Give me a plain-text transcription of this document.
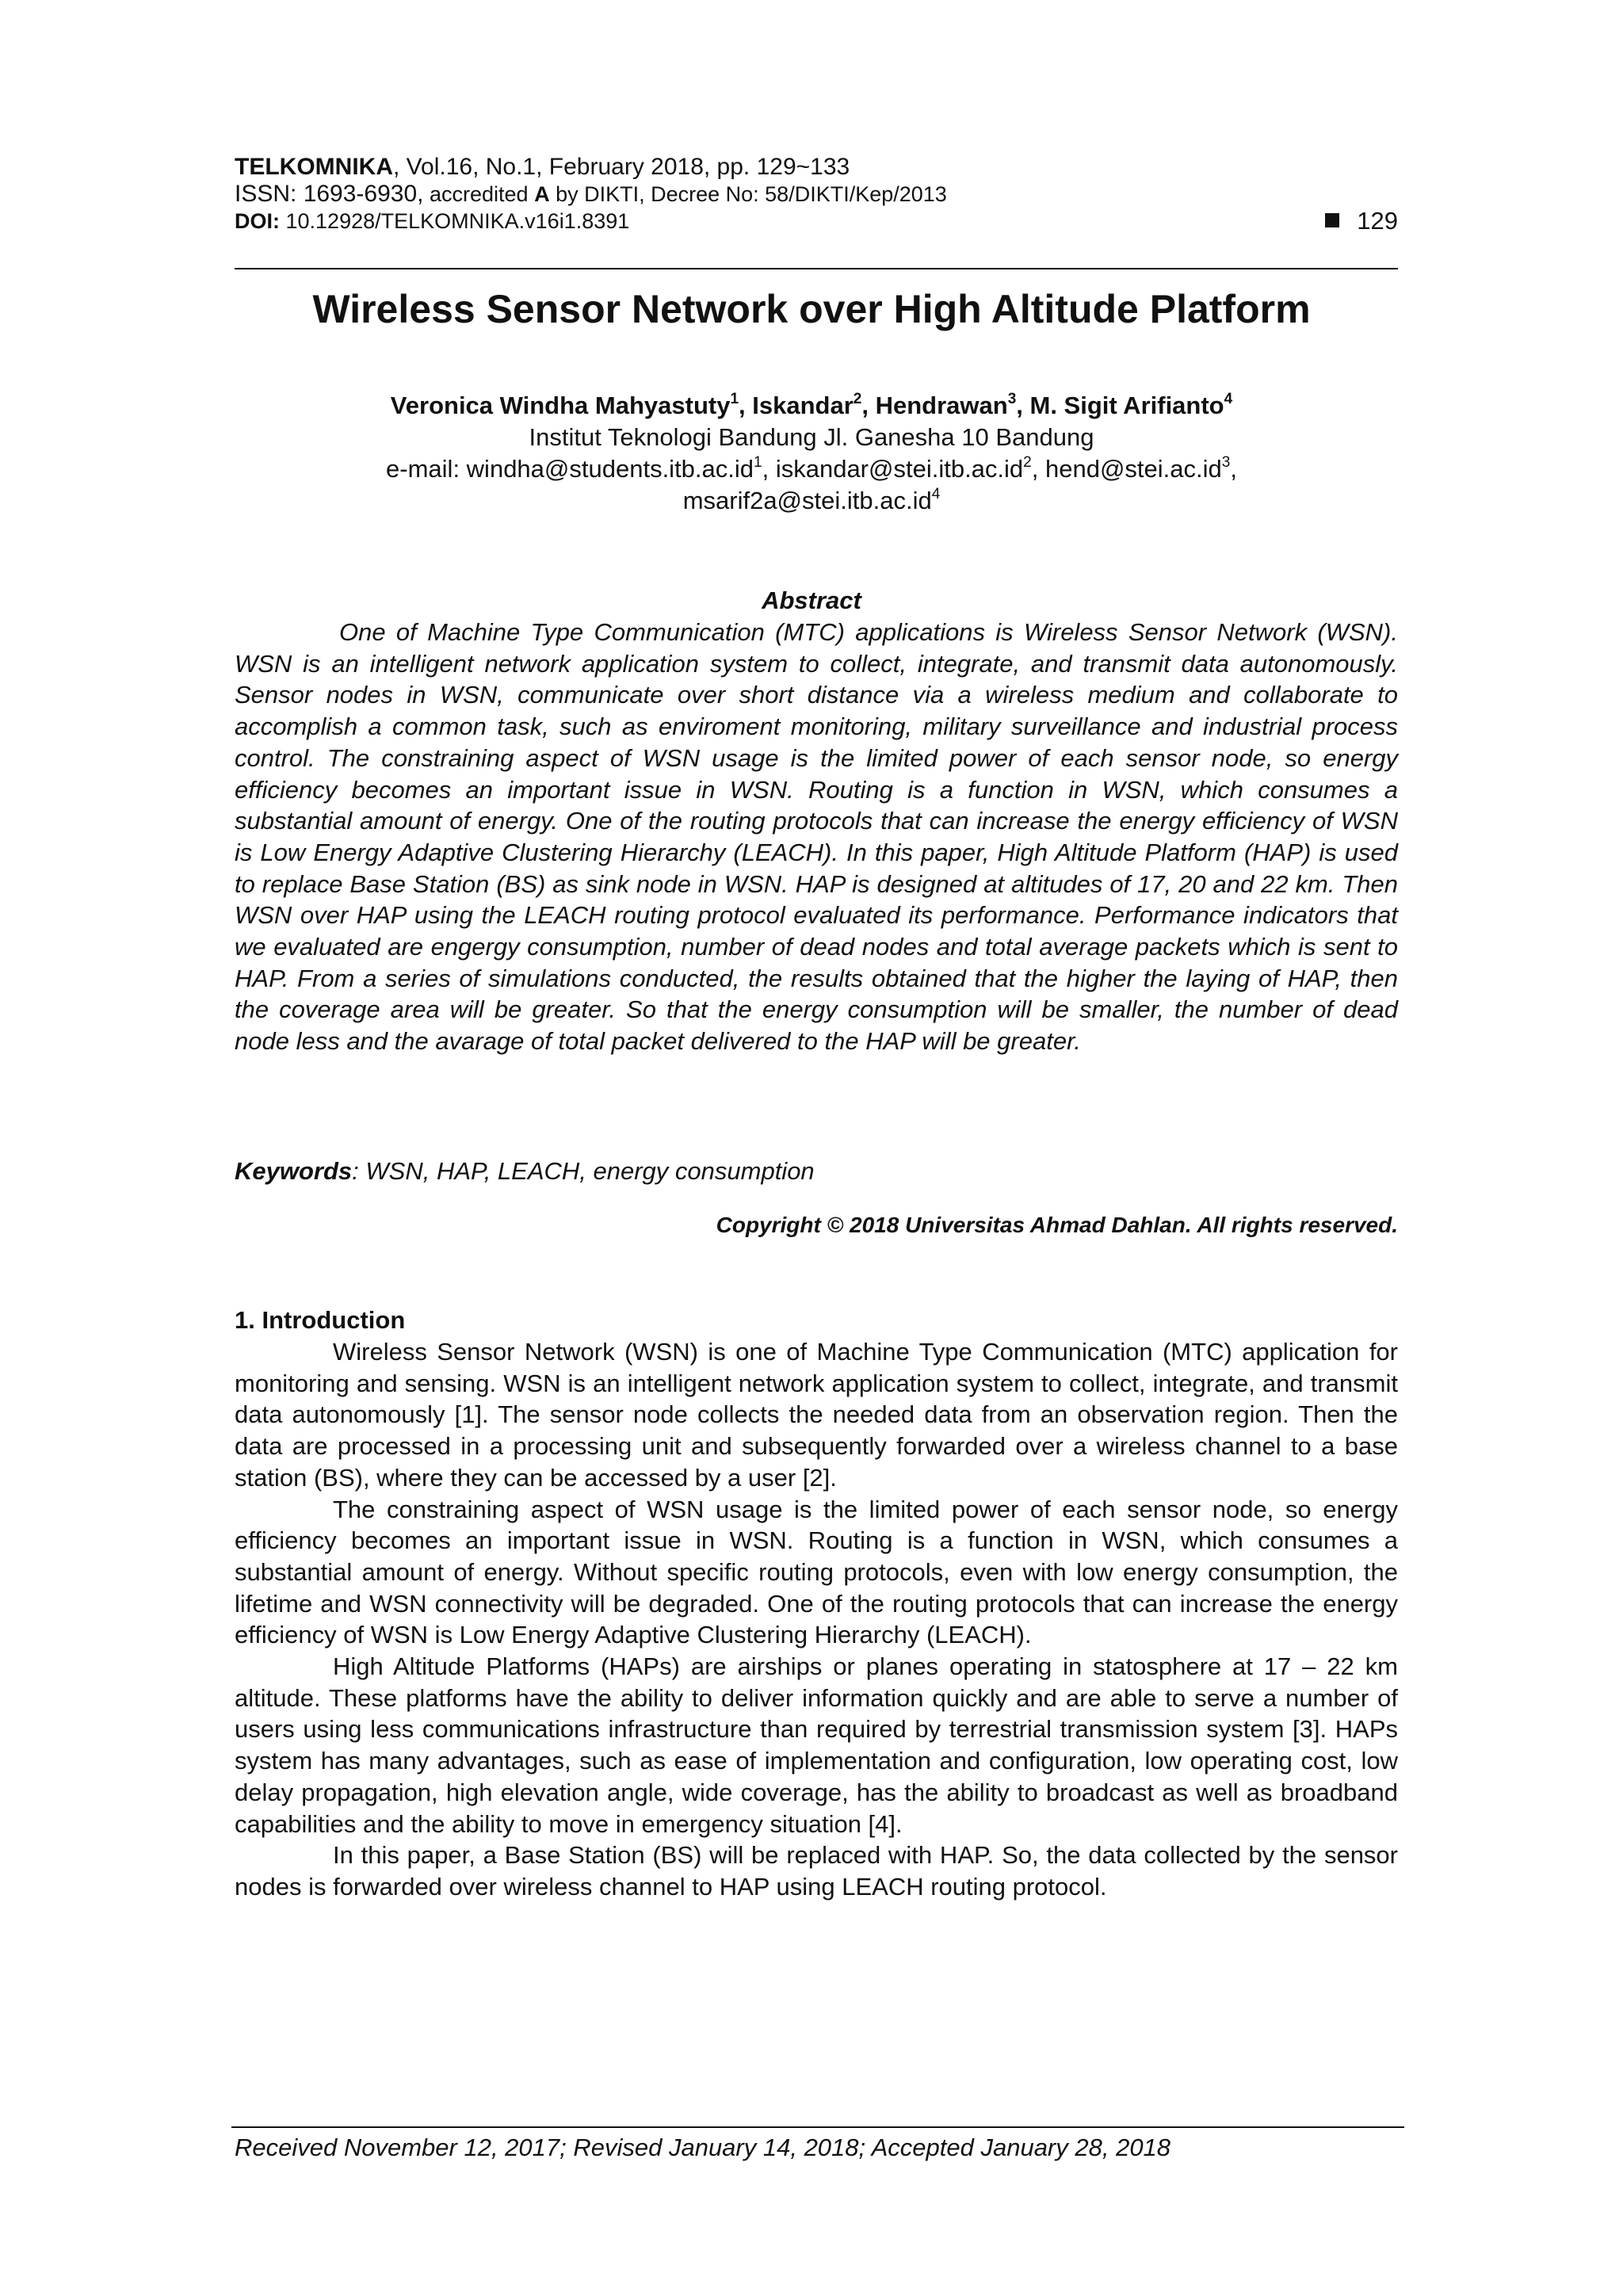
TELKOMNIKA, Vol.16, No.1, February 2018, pp. 129~133
ISSN: 1693-6930, accredited A by DIKTI, Decree No: 58/DIKTI/Kep/2013
DOI: 10.12928/TELKOMNIKA.v16i1.8391	129
Wireless Sensor Network over High Altitude Platform
Veronica Windha Mahyastuty$^1$, Iskandar$^2$, Hendrawan$^3$, M. Sigit Arifianto$^4$
Institut Teknologi Bandung Jl. Ganesha 10 Bandung
e-mail: $windha@students.itb.ac.id^1$, $iskandar@stei.itb.ac.id^2$, $hend@stei.ac.id^3$,
$msarif2a@stei.itb.ac.id^4$
Abstract
One of Machine Type Communication (MTC) applications is Wireless Sensor Network (WSN). WSN is an intelligent network application system to collect, integrate, and transmit data autonomously. Sensor nodes in WSN, communicate over short distance via a wireless medium and collaborate to accomplish a common task, such as enviroment monitoring, military surveillance and industrial process control. The constraining aspect of WSN usage is the limited power of each sensor node, so energy efficiency becomes an important issue in WSN. Routing is a function in WSN, which consumes a substantial amount of energy. One of the routing protocols that can increase the energy efficiency of WSN is Low Energy Adaptive Clustering Hierarchy (LEACH). In this paper, High Altitude Platform (HAP) is used to replace Base Station (BS) as sink node in WSN. HAP is designed at altitudes of 17, 20 and 22 km. Then WSN over HAP using the LEACH routing protocol evaluated its performance. Performance indicators that we evaluated are engergy consumption, number of dead nodes and total average packets which is sent to HAP. From a series of simulations conducted, the results obtained that the higher the laying of HAP, then the coverage area will be greater. So that the energy consumption will be smaller, the number of dead node less and the avarage of total packet delivered to the HAP will be greater.
Keywords: WSN, HAP, LEACH, energy consumption
Copyright © 2018 Universitas Ahmad Dahlan. All rights reserved.
1. Introduction

Wireless Sensor Network (WSN) is one of Machine Type Communication (MTC) application for monitoring and sensing. WSN is an intelligent network application system to collect, integrate, and transmit data autonomously [1]. The sensor node collects the needed data from an observation region. Then the data are processed in a processing unit and subsequently forwarded over a wireless channel to a base station (BS), where they can be accessed by a user [2].

The constraining aspect of WSN usage is the limited power of each sensor node, so energy efficiency becomes an important issue in WSN. Routing is a function in WSN, which consumes a substantial amount of energy. Without specific routing protocols, even with low energy consumption, the lifetime and WSN connectivity will be degraded. One of the routing protocols that can increase the energy efficiency of WSN is Low Energy Adaptive Clustering Hierarchy (LEACH).

High Altitude Platforms (HAPs) are airships or planes operating in statosphere at 17 – 22 km altitude. These platforms have the ability to deliver information quickly and are able to serve a number of users using less communications infrastructure than required by terrestrial transmission system [3]. HAPs system has many advantages, such as ease of implementation and configuration, low operating cost, low delay propagation, high elevation angle, wide coverage, has the ability to broadcast as well as broadband capabilities and the ability to move in emergency situation [4].

In this paper, a Base Station (BS) will be replaced with HAP. So, the data collected by the sensor nodes is forwarded over wireless channel to HAP using LEACH routing protocol.

Received November 12, 2017; Revised January 14, 2018; Accepted January 28, 2018
